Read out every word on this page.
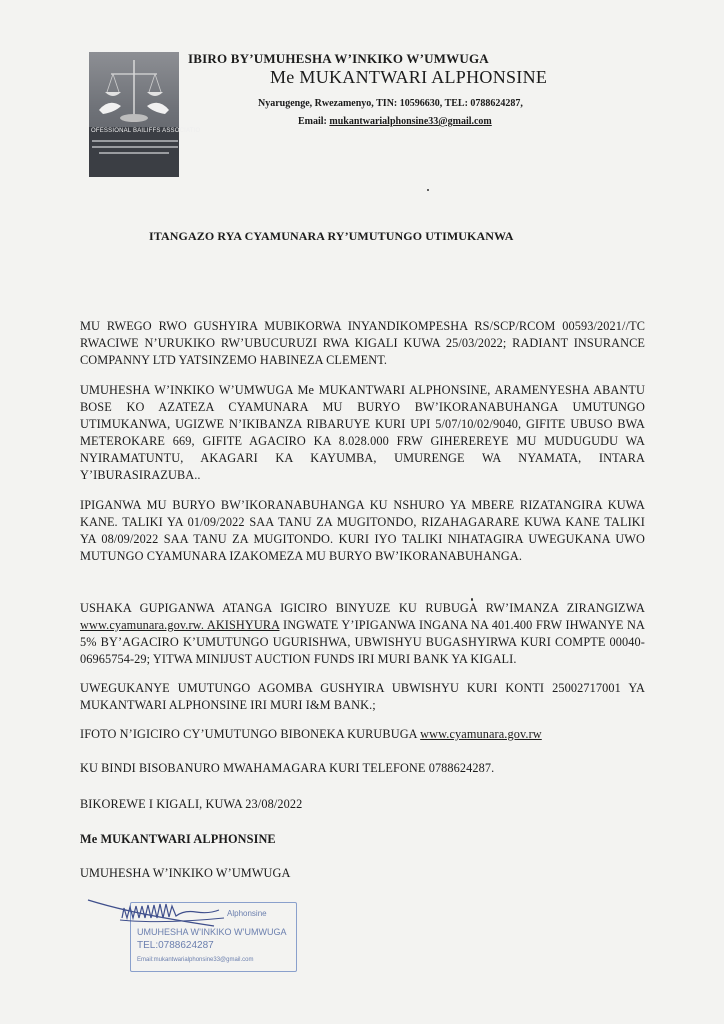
OFESSIONAL BAILIFFS ASSOCIATIO
IBIRO BY’UMUHESHA W’INKIKO W’UMWUGA
Me MUKANTWARI ALPHONSINE
Nyarugenge, Rwezamenyo, TIN: 10596630, TEL: 0788624287,
Email: mukantwarialphonsine33@gmail.com
ITANGAZO RYA CYAMUNARA RY’UMUTUNGO UTIMUKANWA
MU RWEGO RWO GUSHYIRA MUBIKORWA INYANDIKOMPESHA RS/SCP/RCOM 00593/2021//TC RWACIWE N’URUKIKO RW’UBUCURUZI RWA KIGALI KUWA 25/03/2022; RADIANT INSURANCE COMPANNY LTD YATSINZEMO HABINEZA CLEMENT.
UMUHESHA W’INKIKO W’UMWUGA Me MUKANTWARI ALPHONSINE, ARAMENYESHA ABANTU BOSE KO AZATEZA CYAMUNARA MU BURYO BW’IKORANABUHANGA UMUTUNGO UTIMUKANWA, UGIZWE N’IKIBANZA RIBARUYE KURI UPI 5/07/10/02/9040, GIFITE UBUSO BWA METEROKARE 669, GIFITE AGACIRO KA 8.028.000 FRW GIHEREREYE MU MUDUGUDU WA NYIRAMATUNTU, AKAGARI KA KAYUMBA, UMURENGE WA NYAMATA, INTARA Y’IBURASIRAZUBA..
IPIGANWA MU BURYO BW’IKORANABUHANGA KU NSHURO YA MBERE RIZATANGIRA KUWA KANE. TALIKI YA 01/09/2022 SAA TANU ZA MUGITONDO, RIZAHAGARARE KUWA KANE TALIKI YA 08/09/2022 SAA TANU ZA MUGITONDO. KURI IYO TALIKI NIHATAGIRA UWEGUKANA UWO MUTUNGO CYAMUNARA IZAKOMEZA MU BURYO BW’IKORANABUHANGA.
USHAKA GUPIGANWA ATANGA IGICIRO BINYUZE KU RUBUGA RW’IMANZA ZIRANGIZWA www.cyamunara.gov.rw. AKISHYURA INGWATE Y’IPIGANWA INGANA NA 401.400 FRW IHWANYE NA 5% BY’AGACIRO K’UMUTUNGO UGURISHWA, UBWISHYU BUGASHYIRWA KURI COMPTE 00040-06965754-29; YITWA MINIJUST AUCTION FUNDS IRI MURI BANK YA KIGALI.
UWEGUKANYE UMUTUNGO AGOMBA GUSHYIRA UBWISHYU KURI KONTI 25002717001 YA MUKANTWARI ALPHONSINE IRI MURI I&M BANK.;
IFOTO N’IGICIRO CY’UMUTUNGO BIBONEKA KURUBUGA www.cyamunara.gov.rw
KU BINDI BISOBANURO MWAHAMAGARA KURI TELEFONE 0788624287.
BIKOREWE I KIGALI, KUWA 23/08/2022
Me MUKANTWARI ALPHONSINE
UMUHESHA W’INKIKO W’UMWUGA
Alphonsine
UMUHESHA W’INKIKO W’UMWUGA
TEL:0788624287
Email:mukantwarialphonsine33@gmail.com
